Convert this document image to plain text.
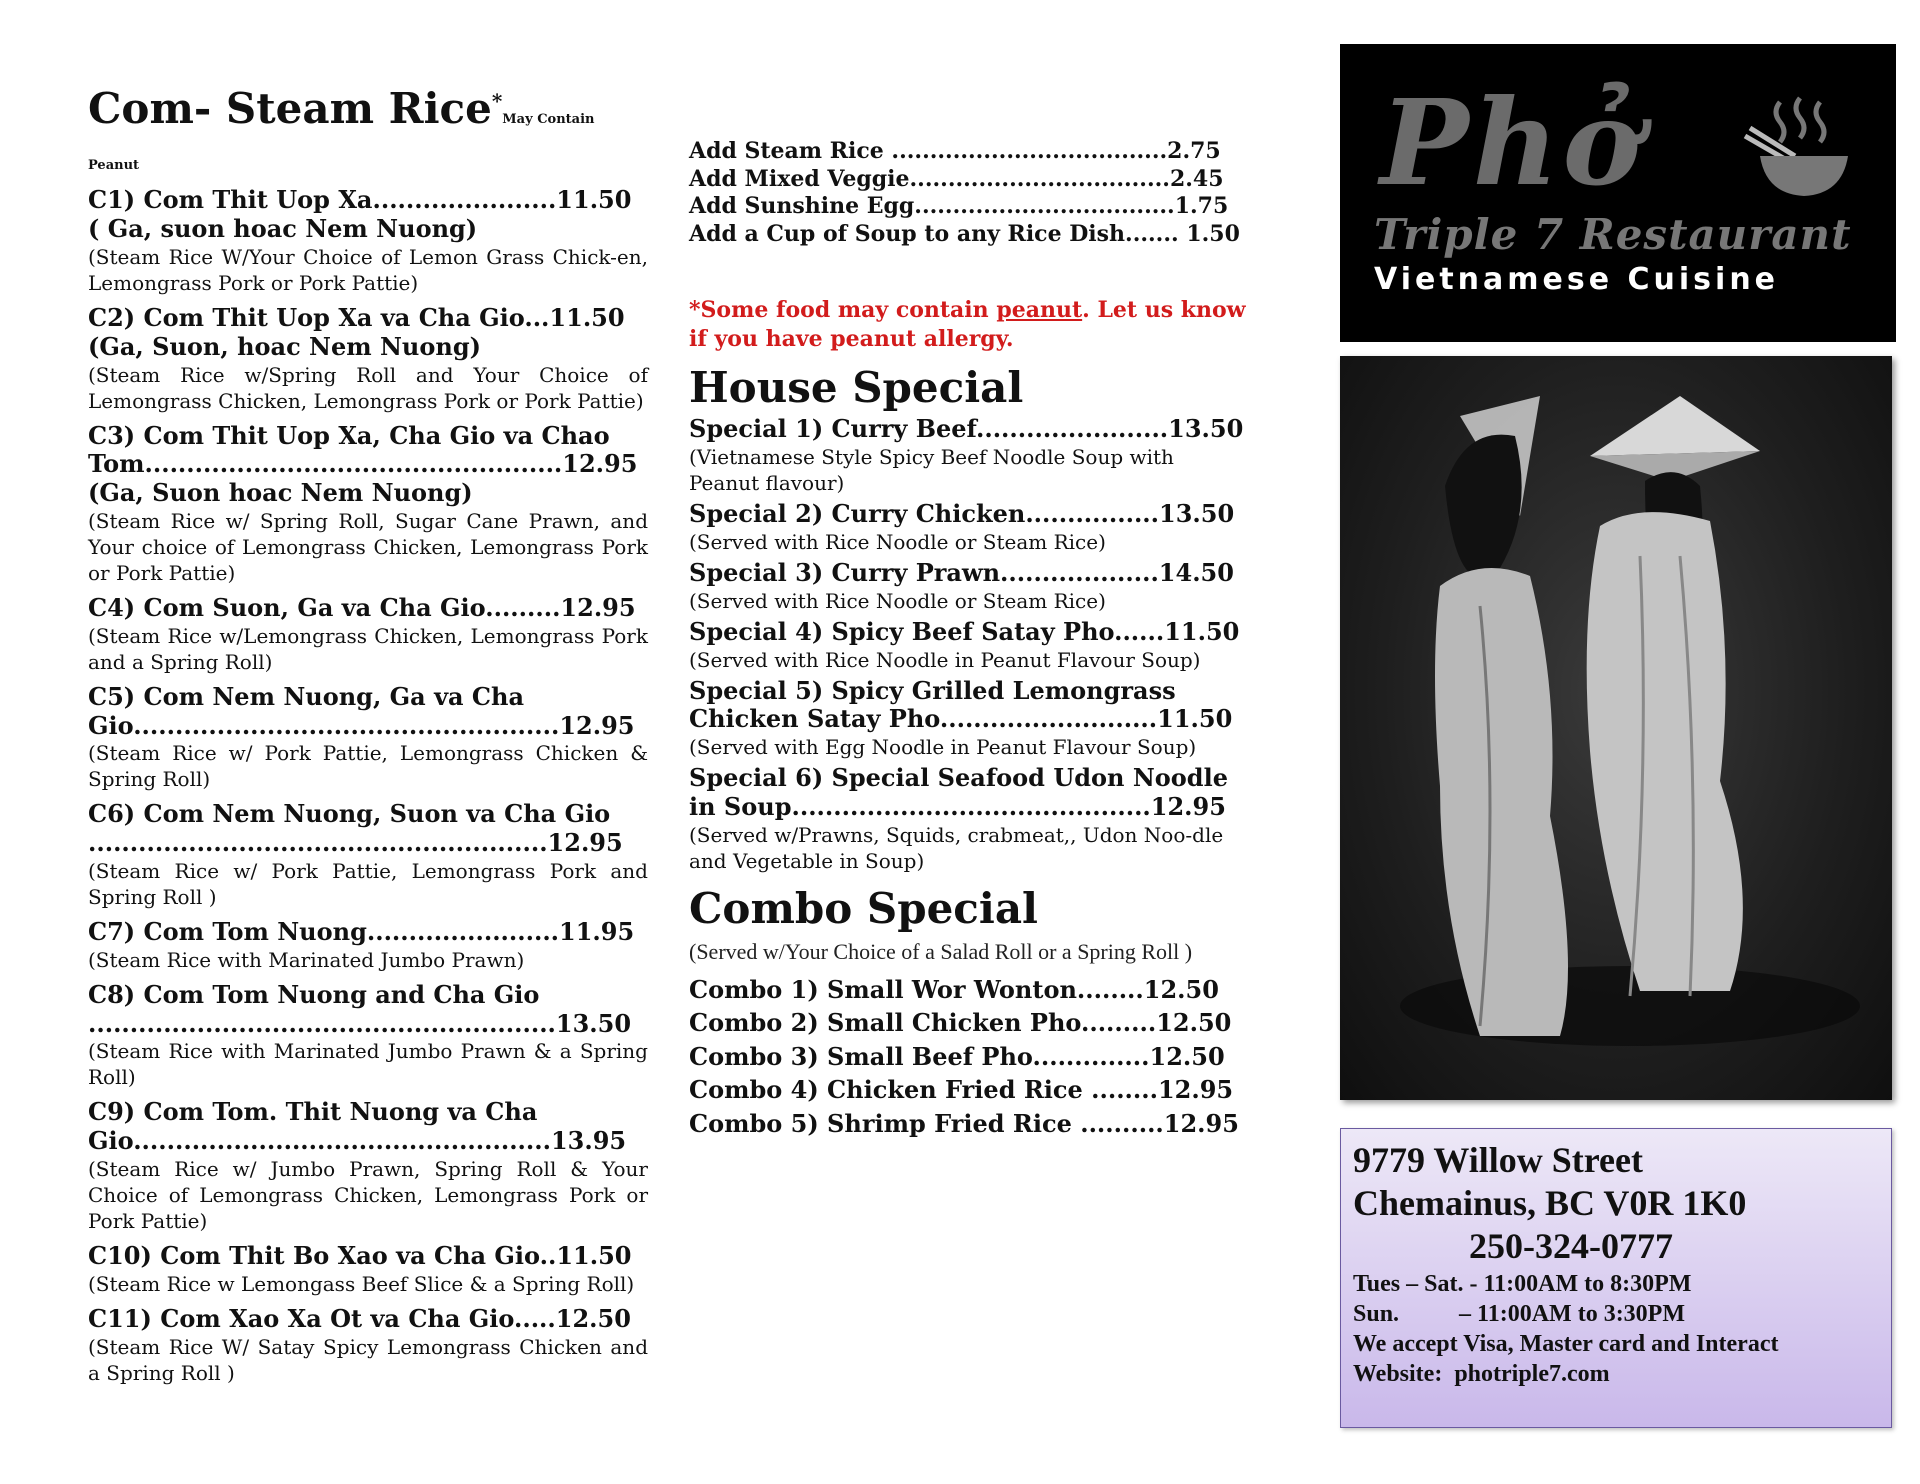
Com- Steam Rice*May Contain Peanut
C1) Com Thit Uop Xa......................11.50
( Ga, suon hoac Nem Nuong)
(Steam Rice W/Your Choice of Lemon Grass Chick-en, Lemongrass Pork or Pork Pattie)
C2) Com Thit Uop Xa va Cha Gio...11.50
(Ga, Suon, hoac Nem Nuong)
(Steam Rice w/Spring Roll and Your Choice of Lemongrass Chicken, Lemongrass Pork or Pork Pattie)
C3) Com Thit Uop Xa, Cha Gio va Chao Tom..................................................12.95
(Ga, Suon hoac Nem Nuong)
(Steam Rice w/ Spring Roll, Sugar Cane Prawn, and Your choice of Lemongrass Chicken, Lemongrass Pork or Pork Pattie)
C4) Com Suon, Ga va Cha Gio.........12.95
(Steam Rice w/Lemongrass Chicken, Lemongrass Pork and a Spring Roll)
C5) Com Nem Nuong, Ga va Cha Gio...................................................12.95
(Steam Rice w/ Pork Pattie, Lemongrass Chicken & Spring Roll)
C6) Com Nem Nuong, Suon va Cha Gio .......................................................12.95
(Steam Rice w/ Pork Pattie, Lemongrass Pork and Spring Roll )
C7) Com Tom Nuong.......................11.95
(Steam Rice with Marinated Jumbo Prawn)
C8) Com Tom Nuong and Cha Gio ........................................................13.50
(Steam Rice with Marinated Jumbo Prawn & a Spring Roll)
C9) Com Tom. Thit Nuong va Cha Gio..................................................13.95
(Steam Rice w/ Jumbo Prawn, Spring Roll & Your Choice of Lemongrass Chicken, Lemongrass Pork or Pork Pattie)
C10) Com Thit Bo Xao va Cha Gio..11.50
(Steam Rice w Lemongass Beef Slice & a Spring Roll)
C11) Com Xao Xa Ot va Cha Gio.....12.50
(Steam Rice W/ Satay Spicy Lemongrass Chicken and a Spring Roll )
Add Steam Rice ....................................2.75
Add Mixed Veggie..................................2.45
Add Sunshine Egg..................................1.75
Add a Cup of Soup to any Rice Dish....... 1.50
*Some food may contain peanut. Let us know if you have peanut allergy.
House Special
Special 1) Curry Beef.......................13.50
(Vietnamese Style Spicy Beef Noodle Soup with Peanut flavour)
Special 2) Curry Chicken................13.50
(Served with Rice Noodle or Steam Rice)
Special 3) Curry Prawn...................14.50
(Served with Rice Noodle or Steam Rice)
Special 4) Spicy Beef Satay Pho......11.50
(Served with Rice Noodle in Peanut Flavour Soup)
Special 5) Spicy Grilled Lemongrass Chicken Satay Pho..........................11.50
(Served with Egg Noodle in Peanut Flavour Soup)
Special 6) Special Seafood Udon Noodle in Soup...........................................12.95
(Served w/Prawns, Squids, crabmeat,, Udon Noo-dle and Vegetable in Soup)
Combo Special
(Served w/Your Choice of a Salad Roll or a Spring Roll )
Combo 1) Small Wor Wonton........12.50
Combo 2) Small Chicken Pho.........12.50
Combo 3) Small Beef Pho..............12.50
Combo 4) Chicken Fried Rice ........12.95
Combo 5) Shrimp Fried Rice ..........12.95
Phở
Triple 7 Restaurant
Vietnamese Cuisine
9779 Willow Street
Chemainus, BC V0R 1K0
250-324-0777
Tues – Sat. - 11:00AM to 8:30PM
Sun.          – 11:00AM to 3:30PM
We accept Visa, Master card and Interact
Website:  photriple7.com
